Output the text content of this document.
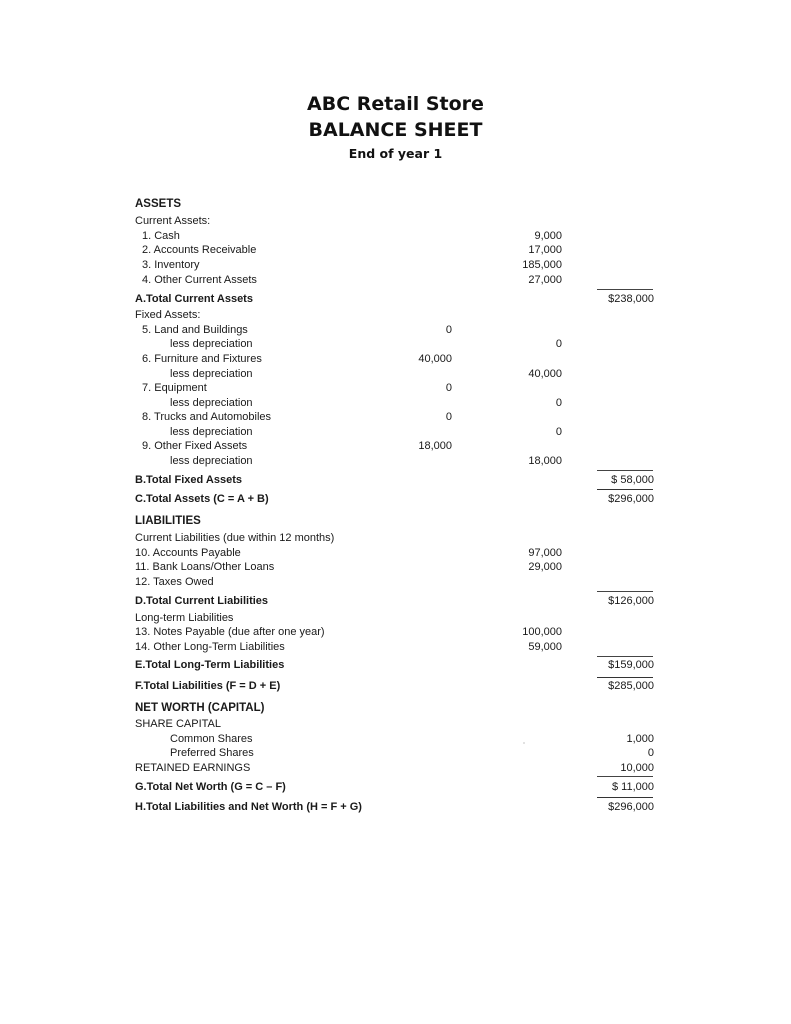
ABC Retail Store
BALANCE SHEET
End of year 1
ASSETS
Current Assets:
1. Cash	9,000
2. Accounts Receivable	17,000
3. Inventory	185,000
4. Other Current Assets	27,000
A.Total Current Assets	$238,000
Fixed Assets:
5. Land and Buildings	0
less depreciation	0
6. Furniture and Fixtures	40,000
less depreciation	40,000
7. Equipment	0
less depreciation	0
8. Trucks and Automobiles	0
less depreciation	0
9. Other Fixed Assets	18,000
less depreciation	18,000
B.Total Fixed Assets	$ 58,000
C.Total Assets (C = A + B)	$296,000
LIABILITIES
Current Liabilities (due within 12 months)
10. Accounts Payable	97,000
11. Bank Loans/Other Loans	29,000
12. Taxes Owed
D.Total Current Liabilities	$126,000
Long-term Liabilities
13. Notes Payable (due after one year)	100,000
14. Other Long-Term Liabilities	59,000
E.Total Long-Term Liabilities	$159,000
F.Total Liabilities (F = D + E)	$285,000
NET WORTH (CAPITAL)
SHARE CAPITAL
Common Shares	1,000
Preferred Shares	0
RETAINED EARNINGS	10,000
G.Total Net Worth (G = C – F)	$ 11,000
H.Total Liabilities and Net Worth (H = F + G)	$296,000
